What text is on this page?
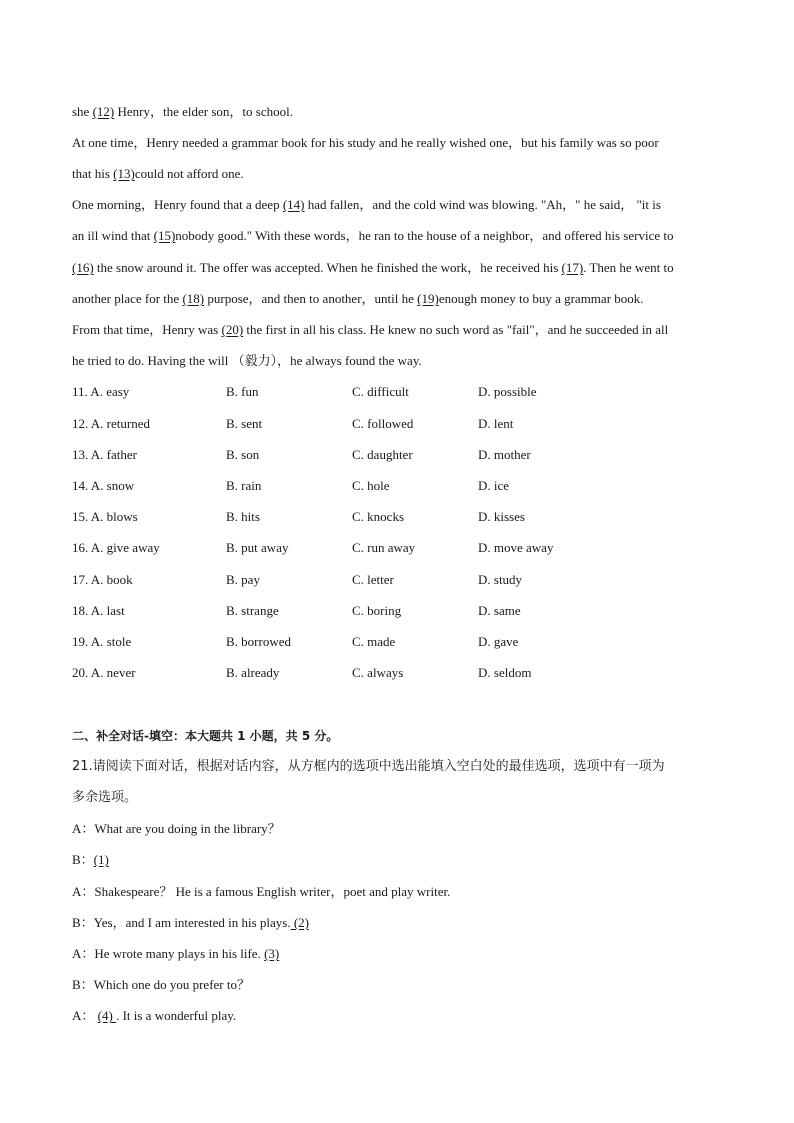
she (12) Henry，the elder son，to school.
At one time，Henry needed a grammar book for his study and he really wished one，but his family was so poor
that his (13)could not afford one.
One morning，Henry found that a deep (14) had fallen，and the cold wind was blowing. "Ah，" he said， "it is
an ill wind that (15)nobody good." With these words，he ran to the house of a neighbor，and offered his service to
(16) the snow around it. The offer was accepted. When he finished the work，he received his (17). Then he went to
another place for the (18) purpose，and then to another，until he (19)enough money to buy a grammar book.
From that time，Henry was (20) the first in all his class. He knew no such word as "fail"，and he succeeded in all
he tried to do. Having the will （毅力），he always found the way.
11. A. easy	B. fun	C. difficult	D. possible
12. A. returned	B. sent	C. followed	D. lent
13. A. father	B. son	C. daughter	D. mother
14. A. snow	B. rain	C. hole	D. ice
15. A. blows	B. hits	C. knocks	D. kisses
16. A. give away	B. put away	C. run away	D. move away
17. A. book	B. pay	C. letter	D. study
18. A. last	B. strange	C. boring	D. same
19. A. stole	B. borrowed	C. made	D. gave
20. A. never	B. already	C. always	D. seldom
二、补全对话-填空：本大题共 1 小题，共 5 分。
21.请阅读下面对话，根据对话内容，从方框内的选项中选出能填入空白处的最佳选项，选项中有一项为
多余选项。
A：What are you doing in the library？
B：(1)
A：Shakespeare？ He is a famous English writer，poet and play writer.
B：Yes，and I am interested in his plays. (2)
A：He wrote many plays in his life. (3)
B：Which one do you prefer to？
A： (4) . It is a wonderful play.
